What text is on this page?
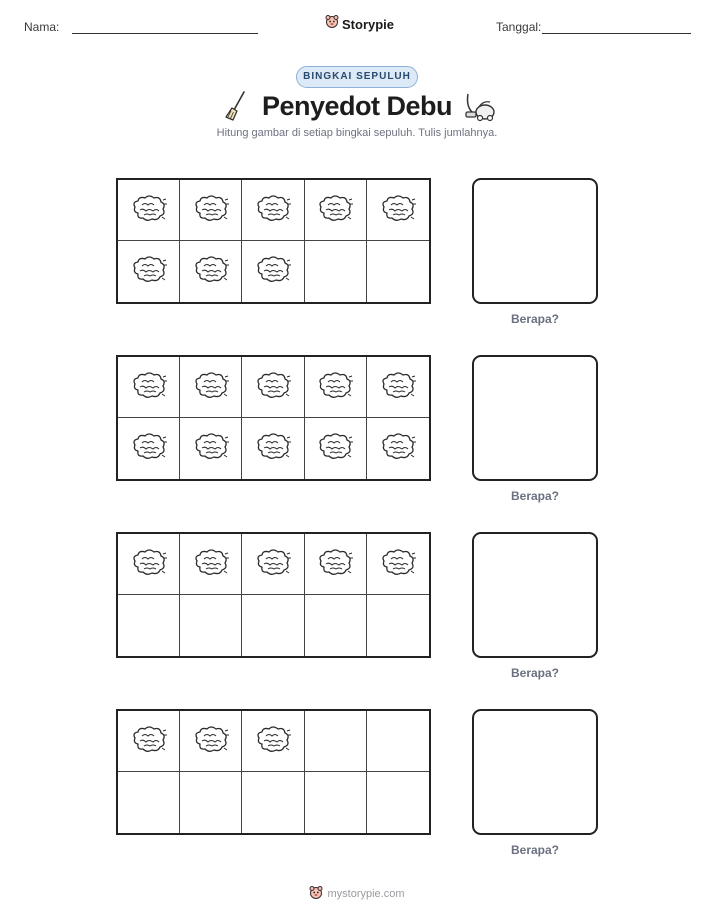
Nama:	Storypie	Tanggal:
BINGKAI SEPULUH
Penyedot Debu
Hitung gambar di setiap bingkai sepuluh. Tulis jumlahnya.
Berapa?
Berapa?
Berapa?
Berapa?
mystorypie.com
